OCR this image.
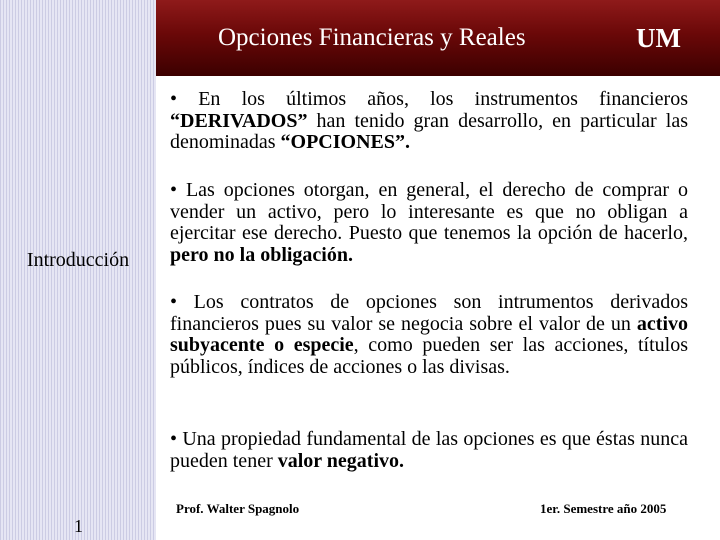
Introducción
1
Opciones Financieras y Reales	UM
• En los últimos años, los instrumentos financieros “DERIVADOS” han tenido gran desarrollo, en particular las denominadas “OPCIONES”.
• Las opciones otorgan, en general, el derecho de comprar o vender un activo, pero lo interesante es que no obligan a ejercitar ese derecho. Puesto que tenemos la opción de hacerlo, pero no la obligación.
• Los contratos de opciones son intrumentos derivados financieros pues su valor se negocia sobre el valor de un activo subyacente o especie, como pueden ser las acciones, títulos públicos, índices de acciones o las divisas.
• Una propiedad fundamental de las opciones es que éstas nunca pueden tener valor negativo.
Prof. Walter Spagnolo	1er. Semestre año 2005
